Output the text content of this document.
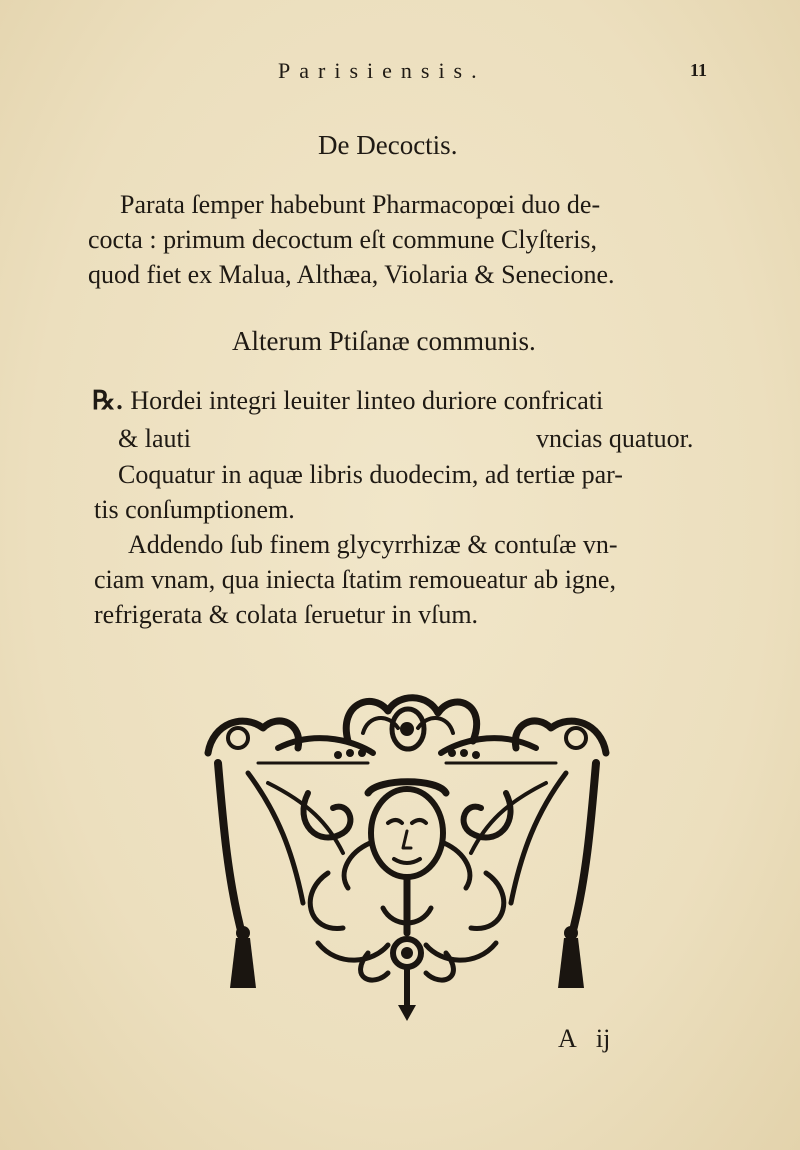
Parisiensis.	11
De Decoctis.
Parata ſemper habebunt Pharmacopœi duo de-
cocta : primum decoctum eſt commune Clyſteris,
quod fiet ex Malua, Althæa, Violaria & Senecione.
Alterum Ptiſanæ communis.
℞. Hordei integri leuiter linteo duriore confricati
& lauti	vncias quatuor.
Coquatur in aquæ libris duodecim, ad tertiæ par-
tis conſumptionem.
Addendo ſub finem glycyrrhizæ & contuſæ vn-
ciam vnam, qua iniecta ſtatim remoueatur ab igne,
refrigerata & colata ſeruetur in vſum.
A ij
